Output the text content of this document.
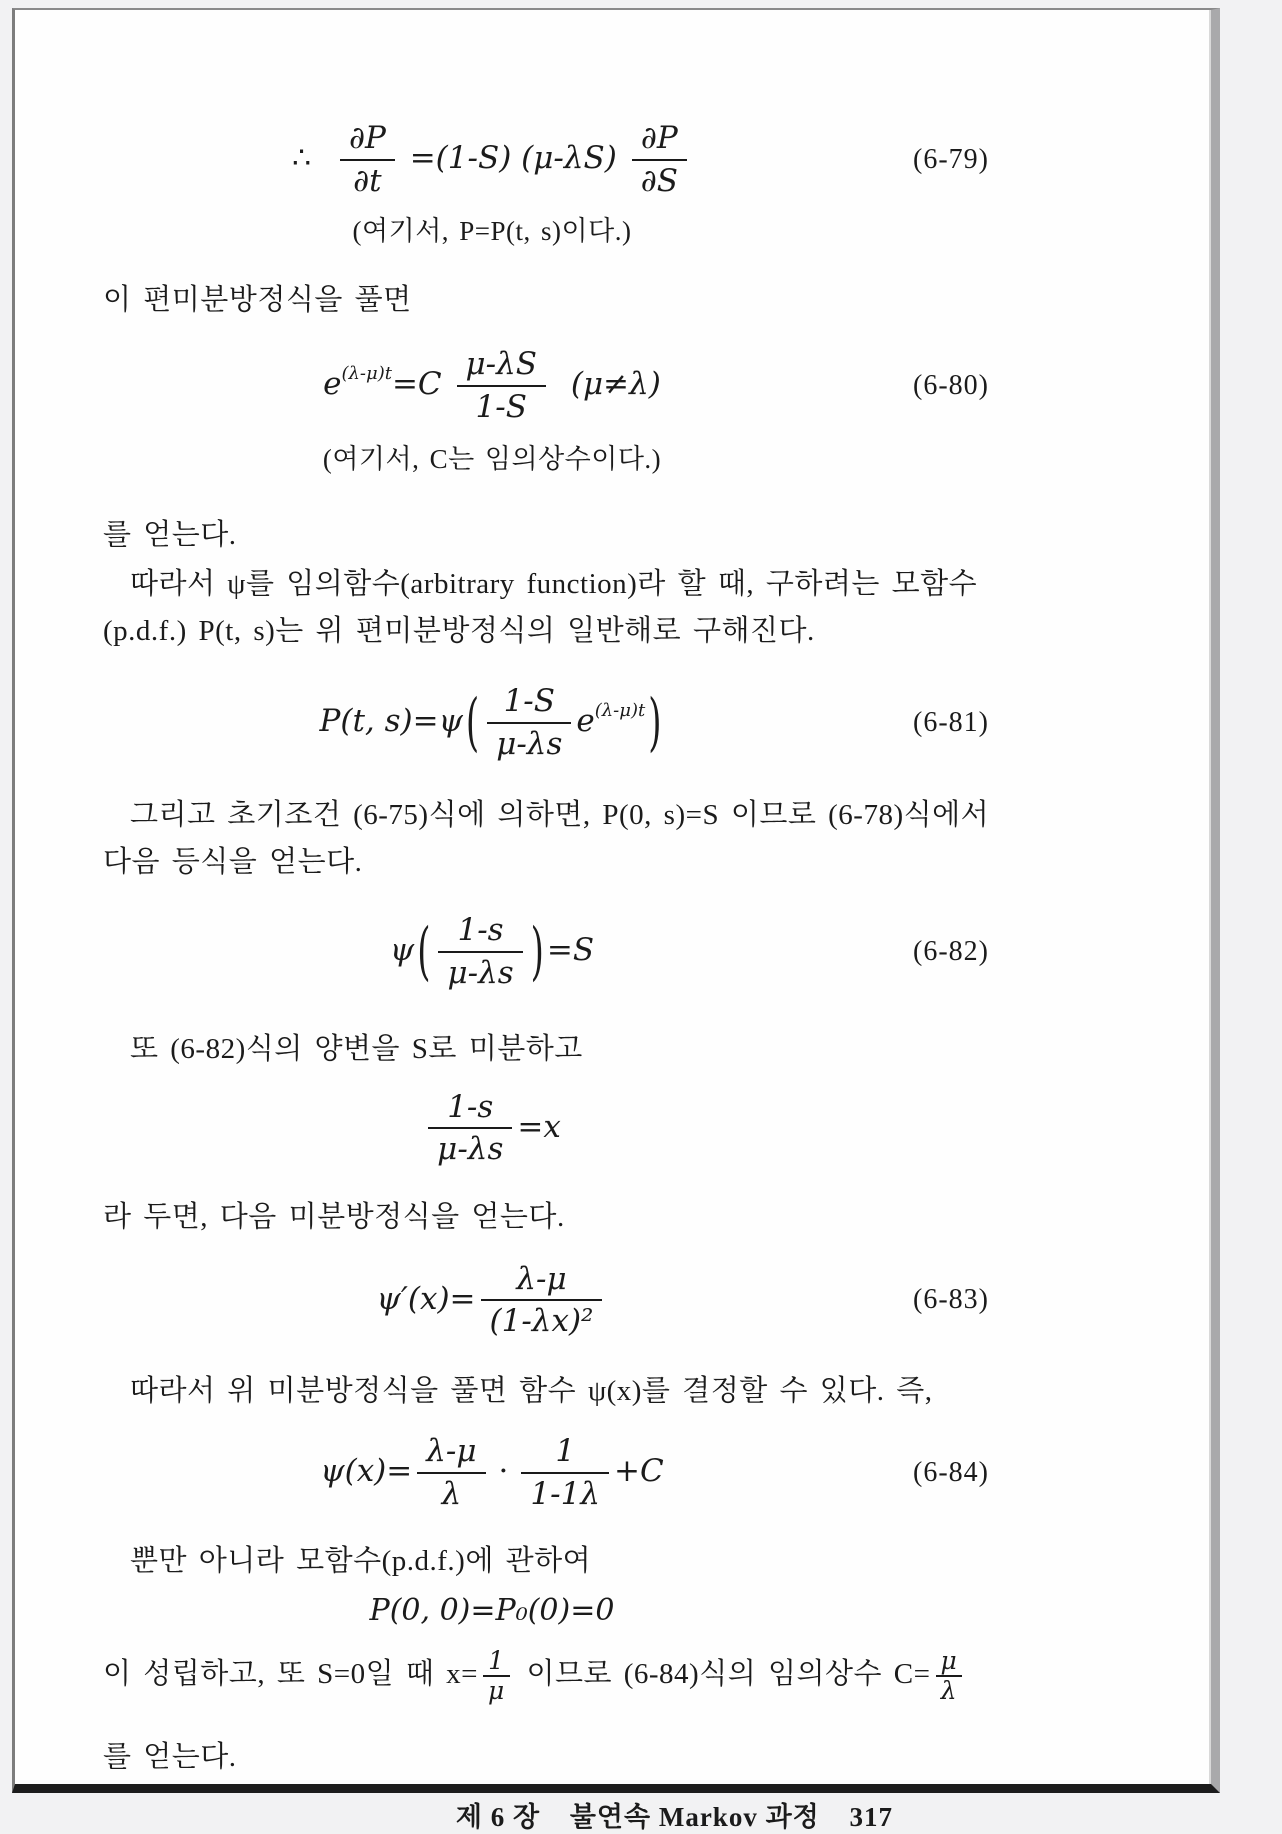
∴ $\frac{\partial P}{\partial t} =(1-S)$ $(\mu-\lambda S) \frac{\partial P}{\partial S}$	(6-79)
(여기서, P=P(t, s)이다.)

이 편미분방정식을 풀면

$e^{(\lambda-\mu)t}=C \frac{\mu-\lambda S}{1-S} (\mu\ne\lambda)$	(6-80)
(여기서, C는 임의상수이다.)

를 얻는다.

따라서 ψ를 임의함수(arbitrary function)라 할 때, 구하려는 모함수

(p.d.f.) P(t, s)는 위 편미분방정식의 일반해로 구해진다.

P(t, $s)=\psi( \frac{1-S}{\mu-\lambda s} e^{(\lambda-\mu)t})$	(6-81)

그리고 초기조건 (6-75)식에 의하면, P(0, s)=S 이므로 (6-78)식에서

다음 등식을 얻는다.

$\psi( \frac{1-s}{\mu-\lambda s} )=S$	(6-82)

또 (6-82)식의 양변을 S로 미분하고

$\frac{1-s}{\mu-\lambda s} =x$

라 두면, 다음 미분방정식을 얻는다.

$\psi'(x)= \frac{\lambda-\mu}{\text{(1-λx)²}}$	(6-83)

따라서 위 미분방정식을 풀면 함수 ψ(x)를 결정할 수 있다. 즉,

$\psi(x)= \frac{\lambda-\mu}{\lambda} \cdot \frac{1}{1-1\lambda} +C$	(6-84)

뿐만 아니라 모함수(p.d.f.)에 관하여

P(0, 0)=P₀(0)=0

이 성립하고, 또 S=0일 때 $x= \frac{1}{\mu}$ 이므로 (6-84)식의 임의상수 $C= \frac{\mu}{\lambda}$

를 얻는다.

제 6 장 불연속 Markov 과정 317
